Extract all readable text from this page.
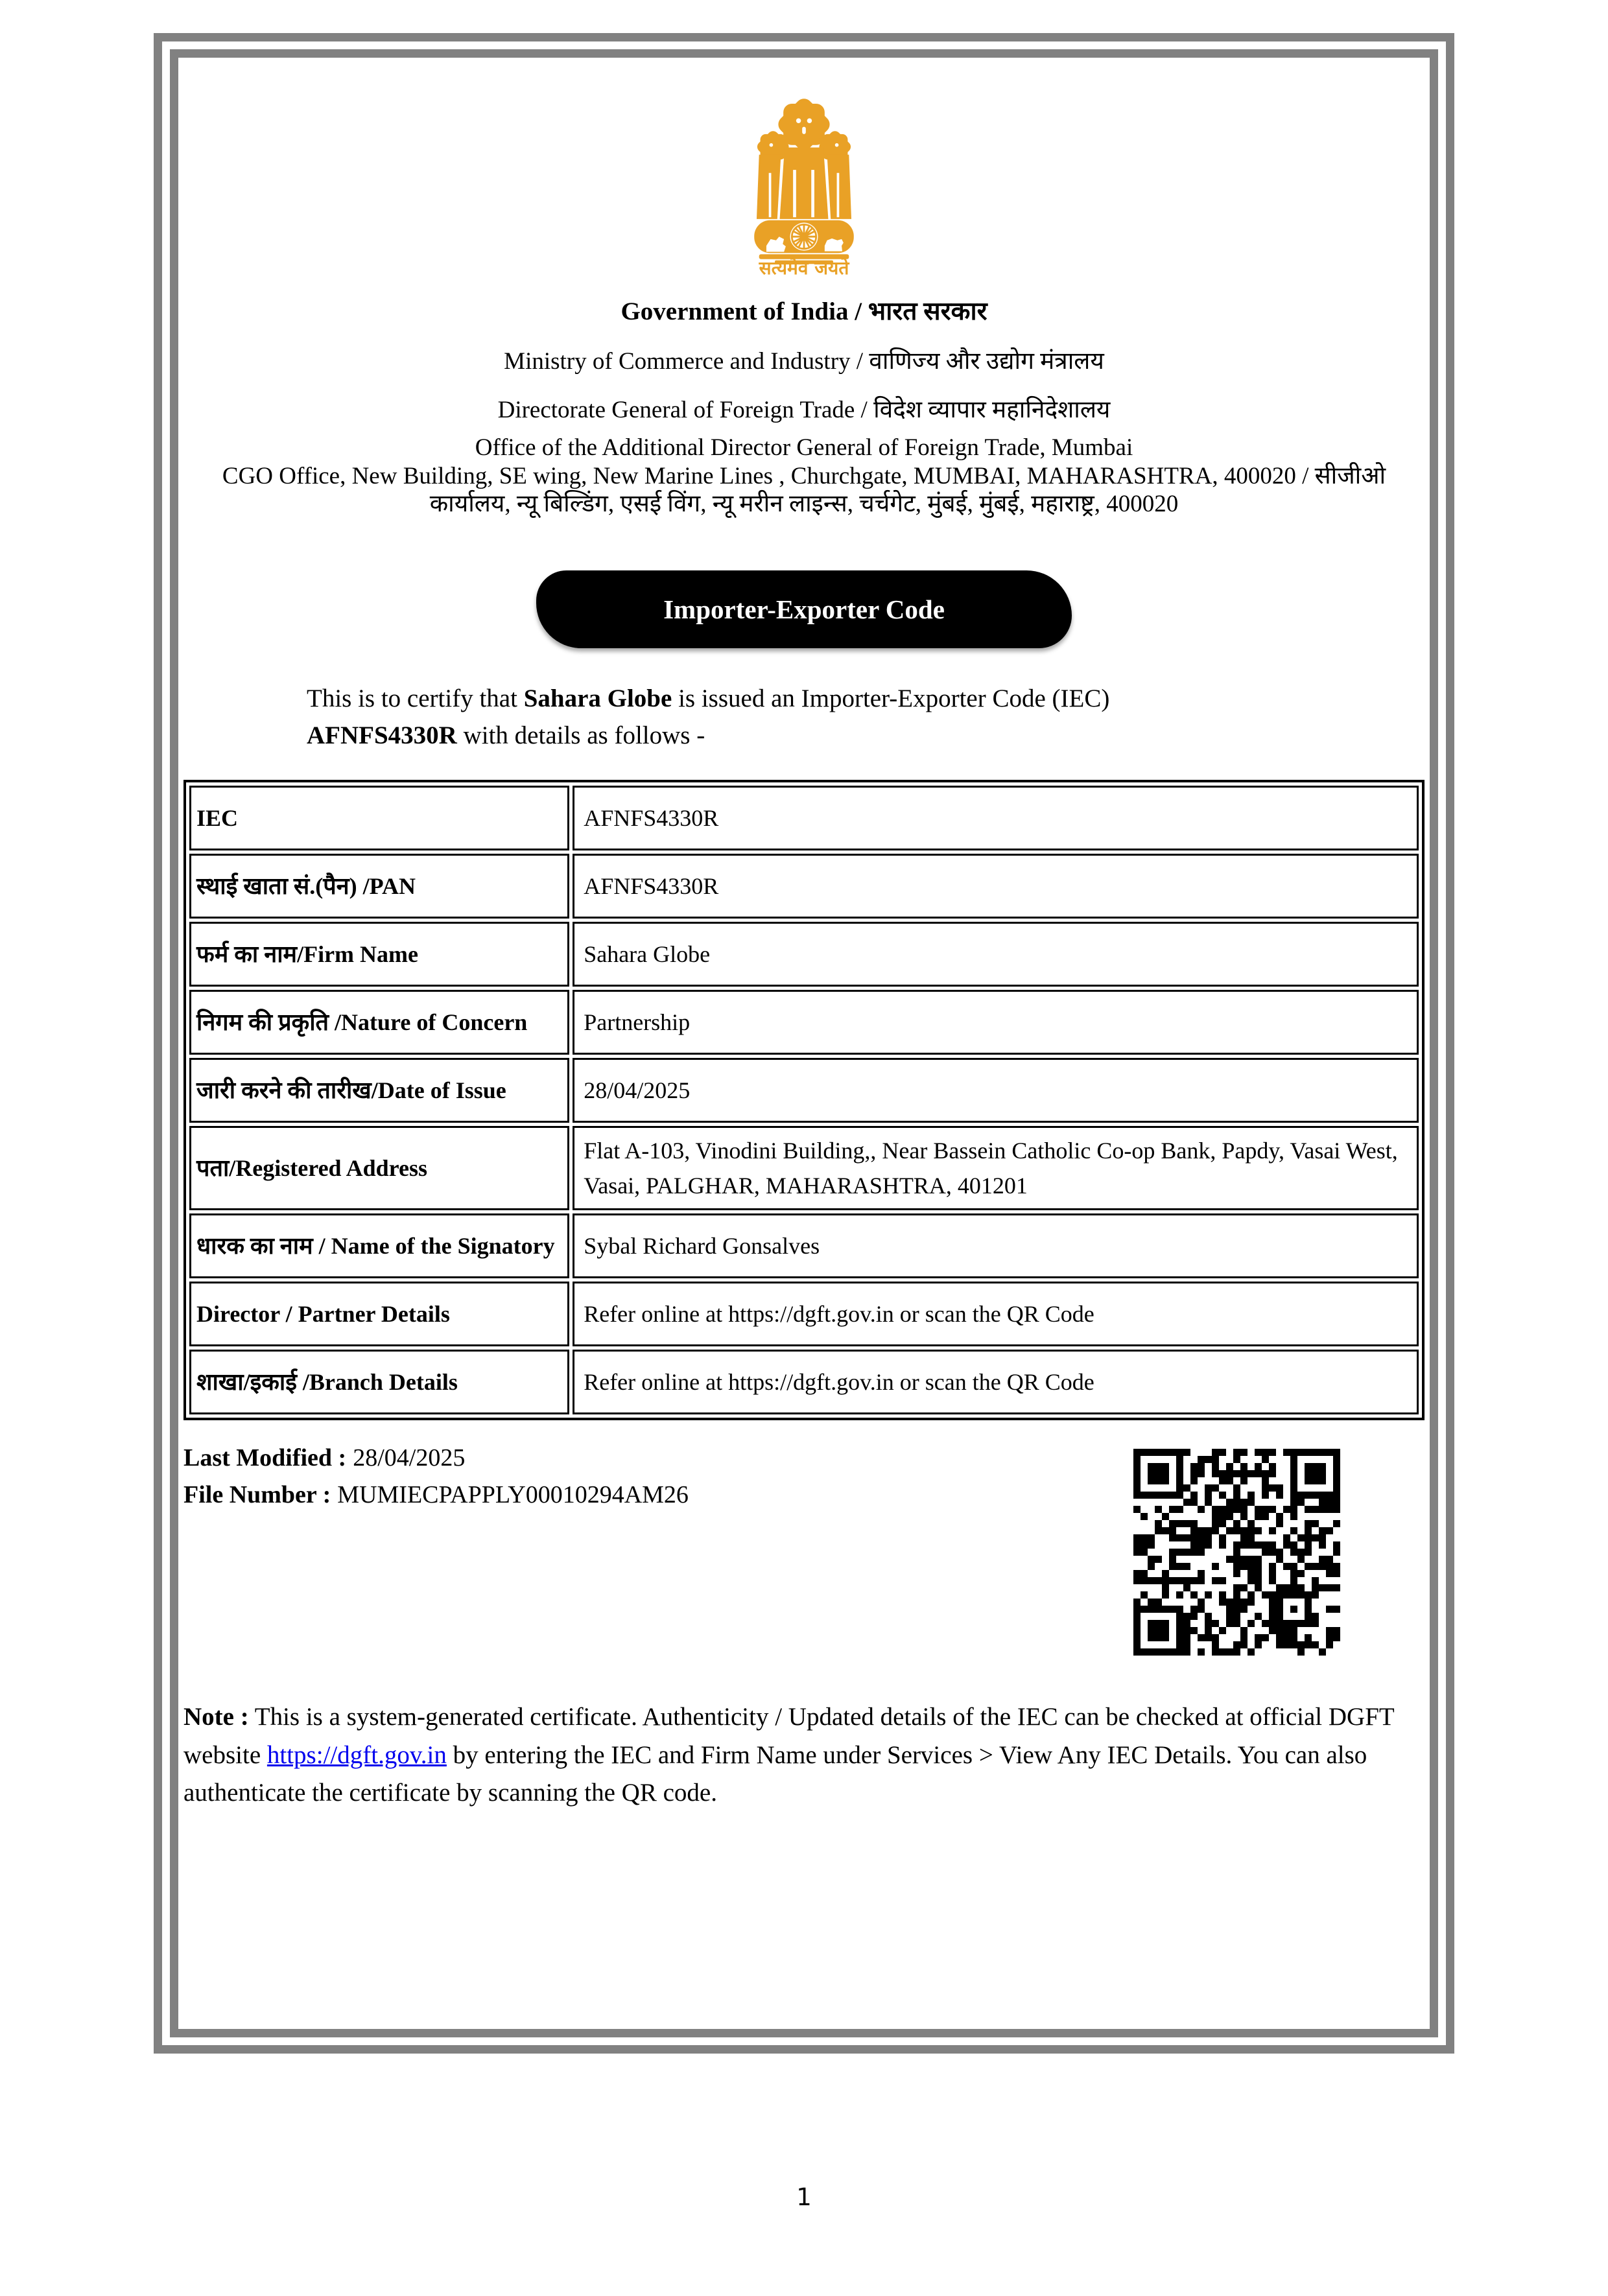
सत्यमेव जयते
Government of India / भारत सरकार
Ministry of Commerce and Industry / वाणिज्य और उद्योग मंत्रालय
Directorate General of Foreign Trade / विदेश व्यापार महानिदेशालय
Office of the Additional Director General of Foreign Trade, Mumbai
CGO Office, New Building, SE wing, New Marine Lines , Churchgate, MUMBAI, MAHARASHTRA, 400020 / सीजीओ कार्यालय, न्यू बिल्डिंग, एसई विंग, न्यू मरीन लाइन्स, चर्चगेट, मुंबई, मुंबई, महाराष्ट्र, 400020
Importer-Exporter Code
This is to certify that Sahara Globe is issued an Importer-Exporter Code (IEC) AFNFS4330R with details as follows -
IEC	AFNFS4330R
स्थाई खाता सं.(पैन) /PAN	AFNFS4330R
फर्म का नाम/Firm Name	Sahara Globe
निगम की प्रकृति /Nature of Concern	Partnership
जारी करने की तारीख/Date of Issue	28/04/2025
पता/Registered Address	Flat A-103, Vinodini Building,, Near Bassein Catholic Co-op Bank, Papdy, Vasai West, Vasai, PALGHAR, MAHARASHTRA, 401201
धारक का नाम / Name of the Signatory	Sybal Richard Gonsalves
Director / Partner Details	Refer online at https://dgft.gov.in or scan the QR Code
शाखा/इकाई /Branch Details	Refer online at https://dgft.gov.in or scan the QR Code
Last Modified : 28/04/2025
File Number : MUMIECPAPPLY00010294AM26
Note : This is a system-generated certificate. Authenticity / Updated details of the IEC can be checked at official DGFT website https://dgft.gov.in by entering the IEC and Firm Name under Services > View Any IEC Details. You can also authenticate the certificate by scanning the QR code.
1
